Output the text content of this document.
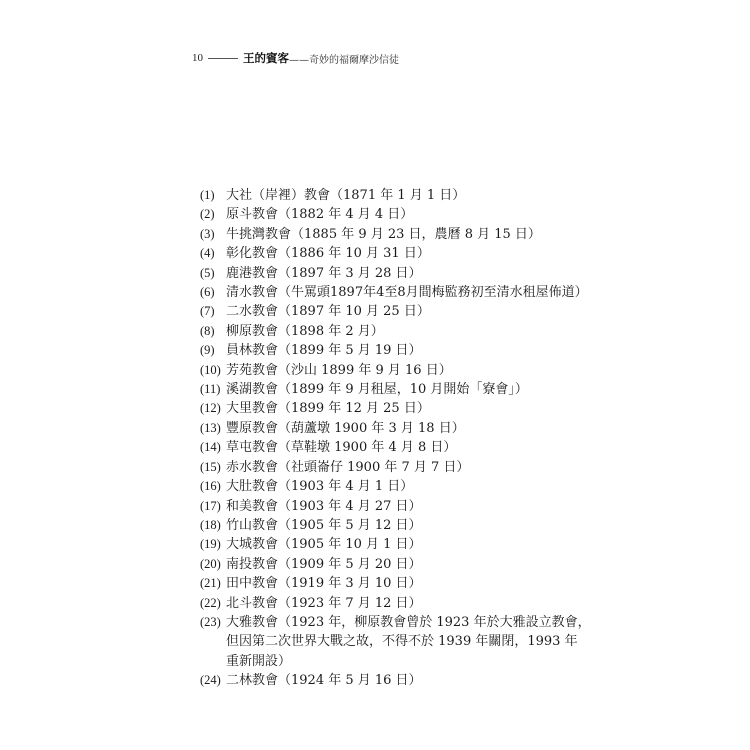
10	王的賓客 ——奇妙的福爾摩沙信徒
(1) 大社（岸裡）教會（1871 年 1 月 1 日）
(2) 原斗教會（1882 年 4 月 4 日）
(3) 牛挑灣教會（1885 年 9 月 23 日，農曆 8 月 15 日）
(4) 彰化教會（1886 年 10 月 31 日）
(5) 鹿港教會（1897 年 3 月 28 日）
(6) 清水教會（牛罵頭1897年4至8月間梅監務初至清水租屋佈道）
(7) 二水教會（1897 年 10 月 25 日）
(8) 柳原教會（1898 年 2 月）
(9) 員林教會（1899 年 5 月 19 日）
(10) 芳苑教會（沙山 1899 年 9 月 16 日）
(11) 溪湖教會（1899 年 9 月租屋，10 月開始「寮會」）
(12) 大里教會（1899 年 12 月 25 日）
(13) 豐原教會（葫蘆墩 1900 年 3 月 18 日）
(14) 草屯教會（草鞋墩 1900 年 4 月 8 日）
(15) 赤水教會（社頭崙仔 1900 年 7 月 7 日）
(16) 大肚教會（1903 年 4 月 1 日）
(17) 和美教會（1903 年 4 月 27 日）
(18) 竹山教會（1905 年 5 月 12 日）
(19) 大城教會（1905 年 10 月 1 日）
(20) 南投教會（1909 年 5 月 20 日）
(21) 田中教會（1919 年 3 月 10 日）
(22) 北斗教會（1923 年 7 月 12 日）
(23) 大雅教會（1923 年，柳原教會曾於 1923 年於大雅設立教會，
但因第二次世界大戰之故，不得不於 1939 年關閉，1993 年
重新開設）
(24) 二林教會（1924 年 5 月 16 日）
